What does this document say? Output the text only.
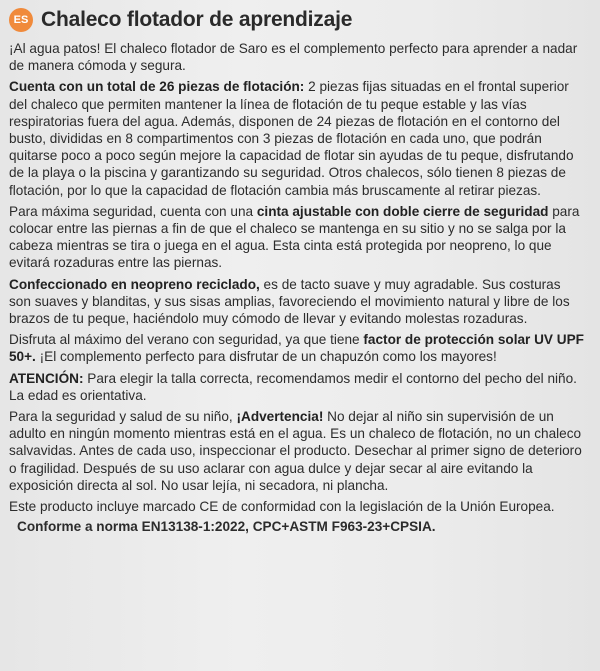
ES Chaleco flotador de aprendizaje

¡Al agua patos! El chaleco flotador de Saro es el complemento perfecto para aprender a nadar de manera cómoda y segura.

Cuenta con un total de 26 piezas de flotación: 2 piezas fijas situadas en el frontal superior del chaleco que permiten mantener la línea de flotación de tu peque estable y las vías respiratorias fuera del agua. Además, disponen de 24 piezas de flotación en el contorno del busto, divididas en 8 compartimentos con 3 piezas de flotación en cada uno, que podrán quitarse poco a poco según mejore la capacidad de flotar sin ayudas de tu peque, disfrutando de la playa o la piscina y garantizando su seguridad. Otros chalecos, sólo tienen 8 piezas de flotación, por lo que la capacidad de flotación cambia más bruscamente al retirar piezas.

Para máxima seguridad, cuenta con una cinta ajustable con doble cierre de seguridad para colocar entre las piernas a fin de que el chaleco se mantenga en su sitio y no se salga por la cabeza mientras se tira o juega en el agua. Esta cinta está protegida por neopreno, lo que evitará rozaduras entre las piernas.

Confeccionado en neopreno reciclado, es de tacto suave y muy agradable. Sus costuras son suaves y blanditas, y sus sisas amplias, favoreciendo el movimiento natural y libre de los brazos de tu peque, haciéndolo muy cómodo de llevar y evitando molestas rozaduras.

Disfruta al máximo del verano con seguridad, ya que tiene factor de protección solar UV UPF 50+. ¡El complemento perfecto para disfrutar de un chapuzón como los mayores!

ATENCIÓN: Para elegir la talla correcta, recomendamos medir el contorno del pecho del niño. La edad es orientativa.

Para la seguridad y salud de su niño, ¡Advertencia! No dejar al niño sin supervisión de un adulto en ningún momento mientras está en el agua. Es un chaleco de flotación, no un chaleco salvavidas. Antes de cada uso, inspeccionar el producto. Desechar al primer signo de deterioro o fragilidad. Después de su uso aclarar con agua dulce y dejar secar al aire evitando la exposición directa al sol. No usar lejía, ni secadora, ni plancha.

Este producto incluye marcado CE de conformidad con la legislación de la Unión Europea.

Conforme a norma EN13138-1:2022, CPC+ASTM F963-23+CPSIA.
